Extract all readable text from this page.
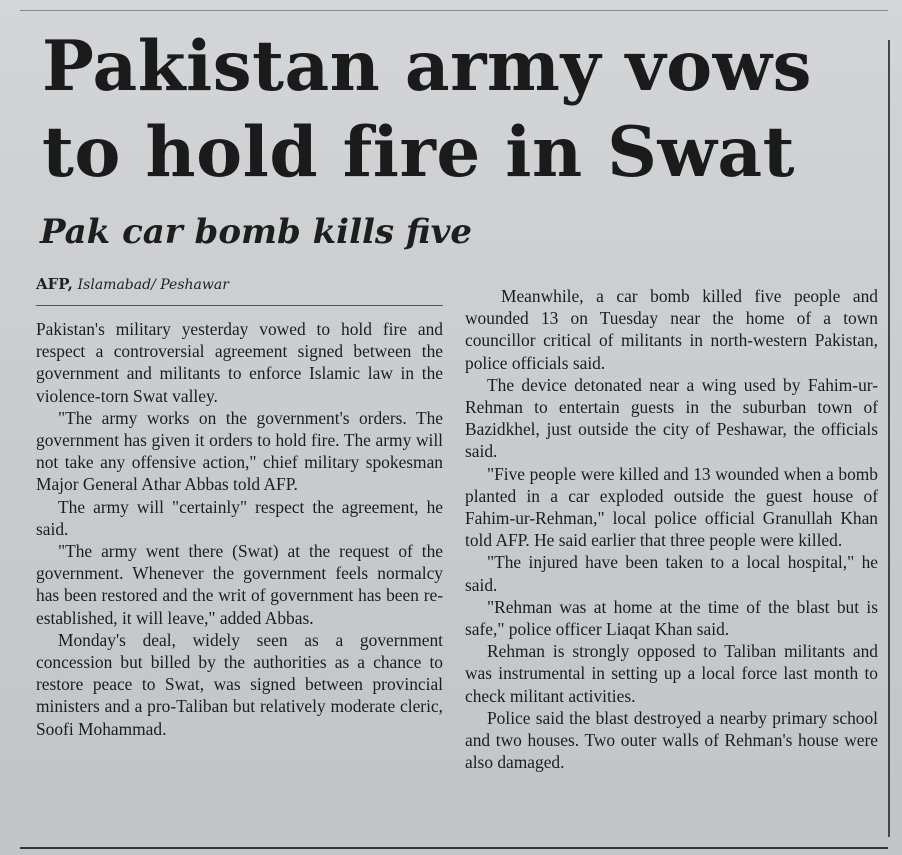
Pakistan army vows to hold fire in Swat
Pak car bomb kills five
AFP, Islamabad/ Peshawar

Pakistan's military yesterday vowed to hold fire and respect a controversial agreement signed between the government and militants to enforce Islamic law in the violence-torn Swat valley.

"The army works on the government's orders. The government has given it orders to hold fire. The army will not take any offensive action," chief military spokesman Major General Athar Abbas told AFP.

The army will "certainly" respect the agreement, he said.

"The army went there (Swat) at the request of the government. Whenever the government feels normalcy has been restored and the writ of government has been re-established, it will leave," added Abbas.

Monday's deal, widely seen as a government concession but billed by the authorities as a chance to restore peace to Swat, was signed between provincial ministers and a pro-Taliban but relatively moderate cleric, Soofi Mohammad.

Meanwhile, a car bomb killed five people and wounded 13 on Tuesday near the home of a town councillor critical of militants in north-western Pakistan, police officials said.

The device detonated near a wing used by Fahim-ur-Rehman to entertain guests in the suburban town of Bazidkhel, just outside the city of Peshawar, the officials said.

"Five people were killed and 13 wounded when a bomb planted in a car exploded outside the guest house of Fahim-ur-Rehman," local police official Granullah Khan told AFP. He said earlier that three people were killed.

"The injured have been taken to a local hospital," he said.

"Rehman was at home at the time of the blast but is safe," police officer Liaqat Khan said.

Rehman is strongly opposed to Taliban militants and was instrumental in setting up a local force last month to check militant activities.

Police said the blast destroyed a nearby primary school and two houses. Two outer walls of Rehman's house were also damaged.
